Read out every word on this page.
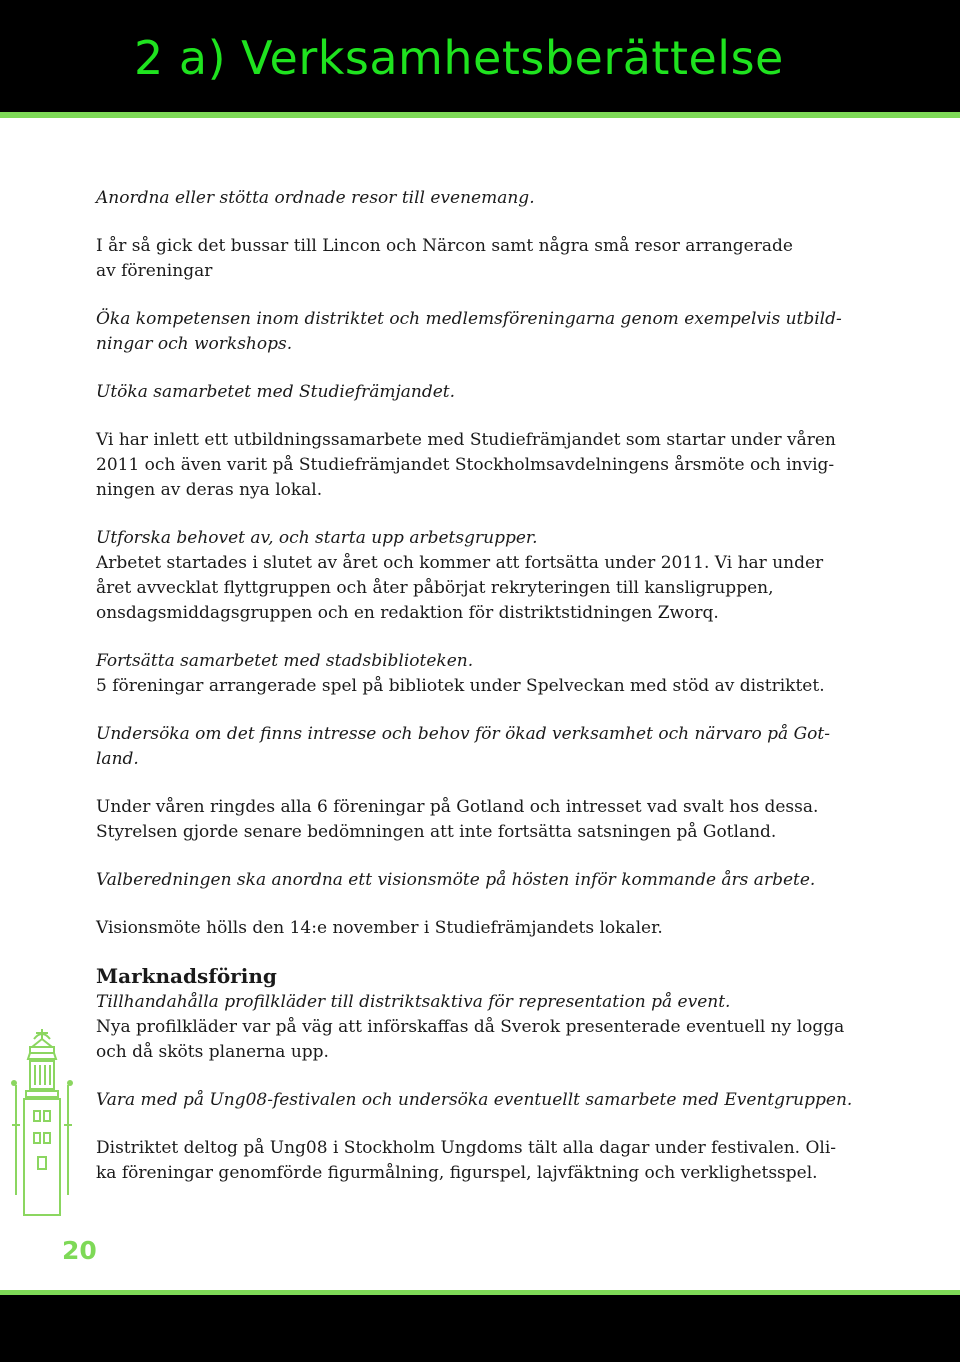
2 a) Verksamhetsberättelse

Anordna eller stötta ordnade resor till evenemang.

I år så gick det bussar till Lincon och Närcon samt några små resor arrangerade

av föreningar

Öka kompetensen inom distriktet och medlemsföreningarna genom exempelvis utbild-

ningar och workshops.

Utöka samarbetet med Studiefrämjandet.

Vi har inlett ett utbildningssamarbete med Studiefrämjandet som startar under våren

2011 och även varit på Studiefrämjandet Stockholmsavdelningens årsmöte och invig-

ningen av deras nya lokal.

Utforska behovet av, och starta upp arbetsgrupper.

Arbetet startades i slutet av året och kommer att fortsätta under 2011. Vi har under

året avvecklat flyttgruppen och åter påbörjat rekryteringen till kansligruppen,

onsdagsmiddagsgruppen och en redaktion för distriktstidningen Zworq.

Fortsätta samarbetet med stadsbiblioteken.

5 föreningar arrangerade spel på bibliotek under Spelveckan med stöd av distriktet.

Undersöka om det finns intresse och behov för ökad verksamhet och närvaro på Got-

land.

Under våren ringdes alla 6 föreningar på Gotland och intresset vad svalt hos dessa.

Styrelsen gjorde senare bedömningen att inte fortsätta satsningen på Gotland.

Valberedningen ska anordna ett visionsmöte på hösten inför kommande års arbete.

Visionsmöte hölls den 14:e november i Studiefrämjandets lokaler.

Marknadsföring

Tillhandahålla profilkläder till distriktsaktiva för representation på event.

Nya profilkläder var på väg att införskaffas då Sverok presenterade eventuell ny logga

och då sköts planerna upp.

Vara med på Ung08-festivalen och undersöka eventuellt samarbete med Eventgruppen.

Distriktet deltog på Ung08 i Stockholm Ungdoms tält alla dagar under festivalen. Oli-

ka föreningar genomförde figurmålning, figurspel, lajvfäktning och verklighetsspel.

20
